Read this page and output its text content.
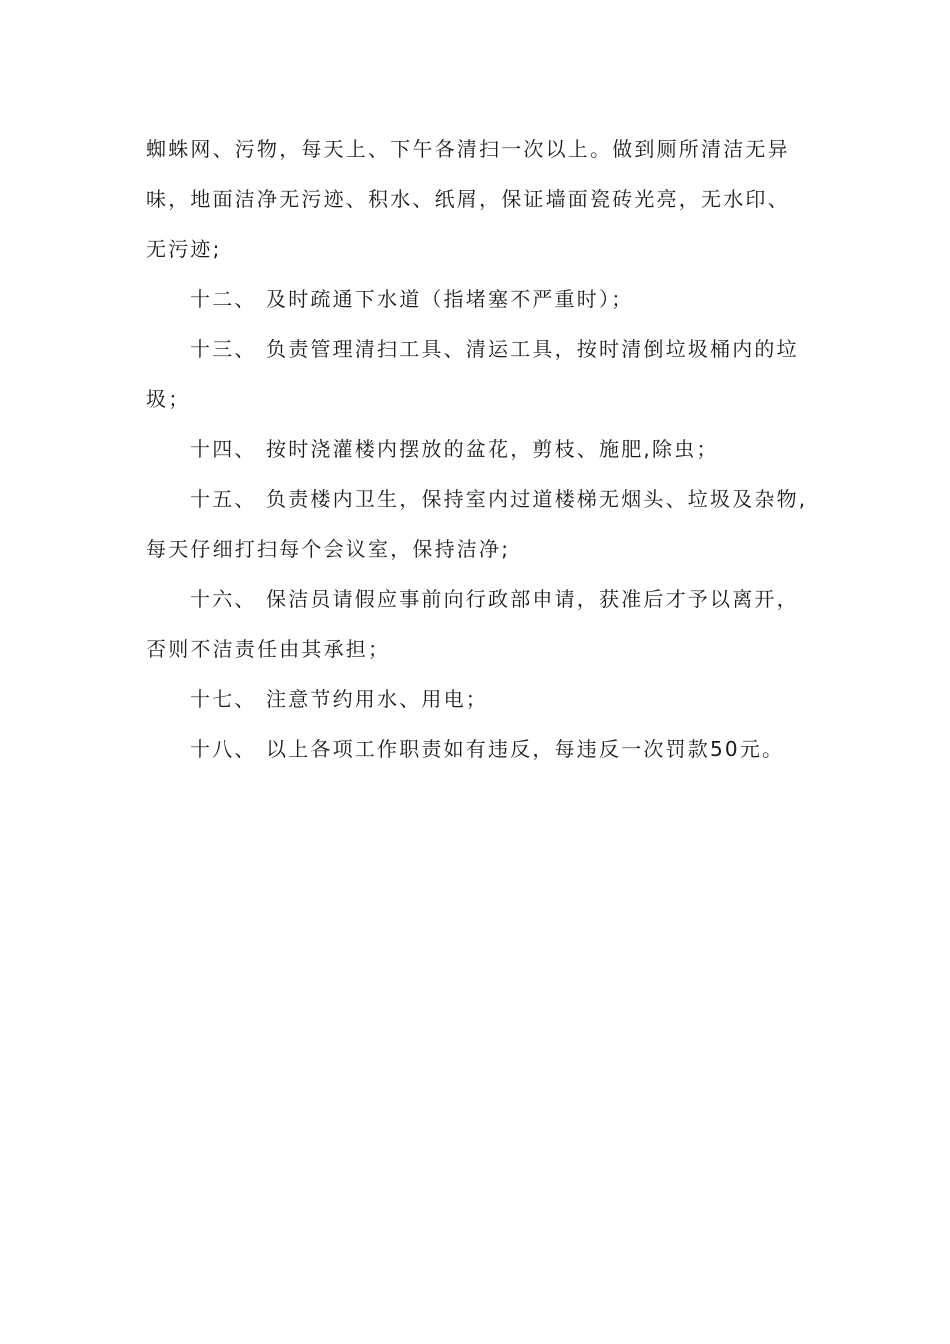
蜘蛛网、污物，每天上、下午各清扫一次以上。做到厕所清洁无异
味，地面洁净无污迹、积水、纸屑，保证墙面瓷砖光亮，无水印、
无污迹;
十二、 及时疏通下水道（指堵塞不严重时）；
十三、 负责管理清扫工具、清运工具，按时清倒垃圾桶内的垃
圾；
十四、 按时浇灌楼内摆放的盆花，剪枝、施肥,除虫；
十五、 负责楼内卫生，保持室内过道楼梯无烟头、垃圾及杂物,
每天仔细打扫每个会议室，保持洁净;
十六、 保洁员请假应事前向行政部申请，获准后才予以离开，
否则不洁责任由其承担；
十七、 注意节约用水、用电；
十八、 以上各项工作职责如有违反，每违反一次罚款50元。
